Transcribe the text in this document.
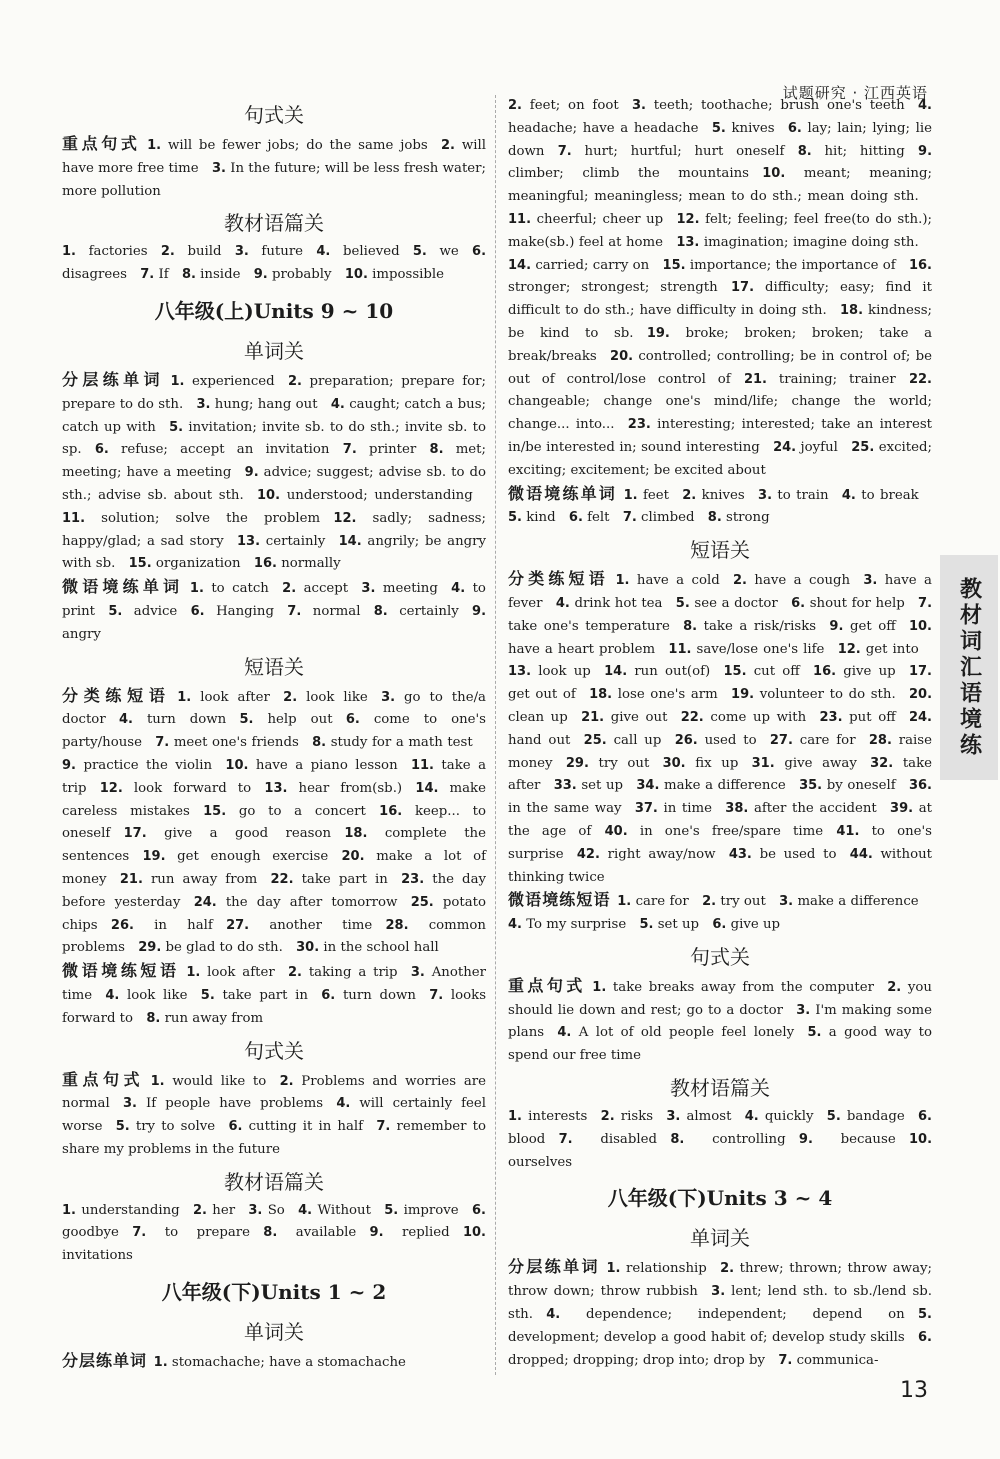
试题研究 · 江西英语
句式关

重点句式  1. will be fewer jobs; do the same jobs  2. will have more free time  3. In the future; will be less fresh water; more pollution 

教材语篇关

1. factories  2. build  3. future  4. believed  5. we  6. disagrees  7. If  8. inside  9. probably  10. impossible 

八年级(上)Units 9 ~ 10
单词关

分层练单词  1. experienced  2. preparation; prepare for; prepare to do sth.  3. hung; hang out  4. caught; catch a bus; catch up with  5. invitation; invite sb. to do sth.; invite sb. to sp.  6. refuse; accept an invitation  7. printer  8. met; meeting; have a meeting  9. advice; suggest; advise sb. to do sth.; advise sb. about sth.  10. understood; understanding 11. solution; solve the problem  12. sadly; sadness; happy/glad; a sad story  13. certainly  14. angrily; be angry with sb.  15. organization  16. normally 

微语境练单词  1. to catch  2. accept  3. meeting  4. to print  5. advice  6. Hanging  7. normal  8. certainly  9. angry 

短语关

分类练短语  1. look after  2. look like  3. go to the/a doctor  4. turn down  5. help out  6. come to one's party/house  7. meet one's friends  8. study for a math test 9. practice the violin  10. have a piano lesson  11. take a trip  12. look forward to  13. hear from(sb.)  14. make careless mistakes  15. go to a concert  16. keep... to oneself  17. give a good reason  18. complete the sentences  19. get enough exercise  20. make a lot of money  21. run away from  22. take part in  23. the day before yesterday  24. the day after tomorrow  25. potato chips  26. in half  27. another time  28. common problems  29. be glad to do sth.  30. in the school hall 

微语境练短语  1. look after  2. taking a trip  3. Another time  4. look like  5. take part in  6. turn down  7. looks forward to  8. run away from 

句式关

重点句式  1. would like to  2. Problems and worries are normal  3. If people have problems  4. will certainly feel worse  5. try to solve  6. cutting it in half  7. remember to share my problems in the future 

教材语篇关

1. understanding  2. her  3. So  4. Without  5. improve  6. goodbye  7. to prepare  8. available  9. replied  10. invitations 

八年级(下)Units 1 ~ 2
单词关

分层练单词  1. stomachache; have a stomachache 

2. feet; on foot  3. teeth; toothache; brush one's teeth  4. headache; have a headache  5. knives  6. lay; lain; lying; lie down  7. hurt; hurtful; hurt oneself  8. hit; hitting  9. climber; climb the mountains  10. meant; meaning; meaningful; meaningless; mean to do sth.; mean doing sth. 11. cheerful; cheer up  12. felt; feeling; feel free(to do sth.); make(sb.) feel at home  13. imagination; imagine doing sth. 14. carried; carry on  15. importance; the importance of  16. stronger; strongest; strength  17. difficulty; easy; find it difficult to do sth.; have difficulty in doing sth.  18. kindness; be kind to sb.  19. broke; broken; broken; take a break/breaks  20. controlled; controlling; be in control of; be out of control/lose control of  21. training; trainer  22. changeable; change one's mind/life; change the world; change... into...  23. interesting; interested; take an interest in/be interested in; sound interesting  24. joyful  25. excited; exciting; excitement; be excited about 

微语境练单词  1. feet  2. knives  3. to train  4. to break 5. kind  6. felt  7. climbed  8. strong 

短语关

分类练短语  1. have a cold  2. have a cough  3. have a fever  4. drink hot tea  5. see a doctor  6. shout for help  7. take one's temperature  8. take a risk/risks  9. get off  10. have a heart problem  11. save/lose one's life  12. get into 13. look up  14. run out(of)  15. cut off  16. give up  17. get out of  18. lose one's arm  19. volunteer to do sth.  20. clean up  21. give out  22. come up with  23. put off  24. hand out  25. call up  26. used to  27. care for  28. raise money  29. try out  30. fix up  31. give away  32. take after  33. set up  34. make a difference  35. by oneself  36. in the same way  37. in time  38. after the accident  39. at the age of  40. in one's free/spare time  41. to one's surprise  42. right away/now  43. be used to  44. without thinking twice 

微语境练短语  1. care for  2. try out  3. make a difference 4. To my surprise  5. set up  6. give up 

句式关

重点句式  1. take breaks away from the computer  2. you should lie down and rest; go to a doctor  3. I'm making some plans  4. A lot of old people feel lonely  5. a good way to spend our free time 

教材语篇关

1. interests  2. risks  3. almost  4. quickly  5. bandage  6. blood  7. disabled  8. controlling  9. because  10. ourselves 

八年级(下)Units 3 ~ 4
单词关

分层练单词  1. relationship  2. threw; thrown; throw away; throw down; throw rubbish  3. lent; lend sth. to sb./lend sb. sth.  4. dependence; independent; depend on  5. development; develop a good habit of; develop study skills  6. dropped; dropping; drop into; drop by  7. communica- 

教材词汇语境练
13
